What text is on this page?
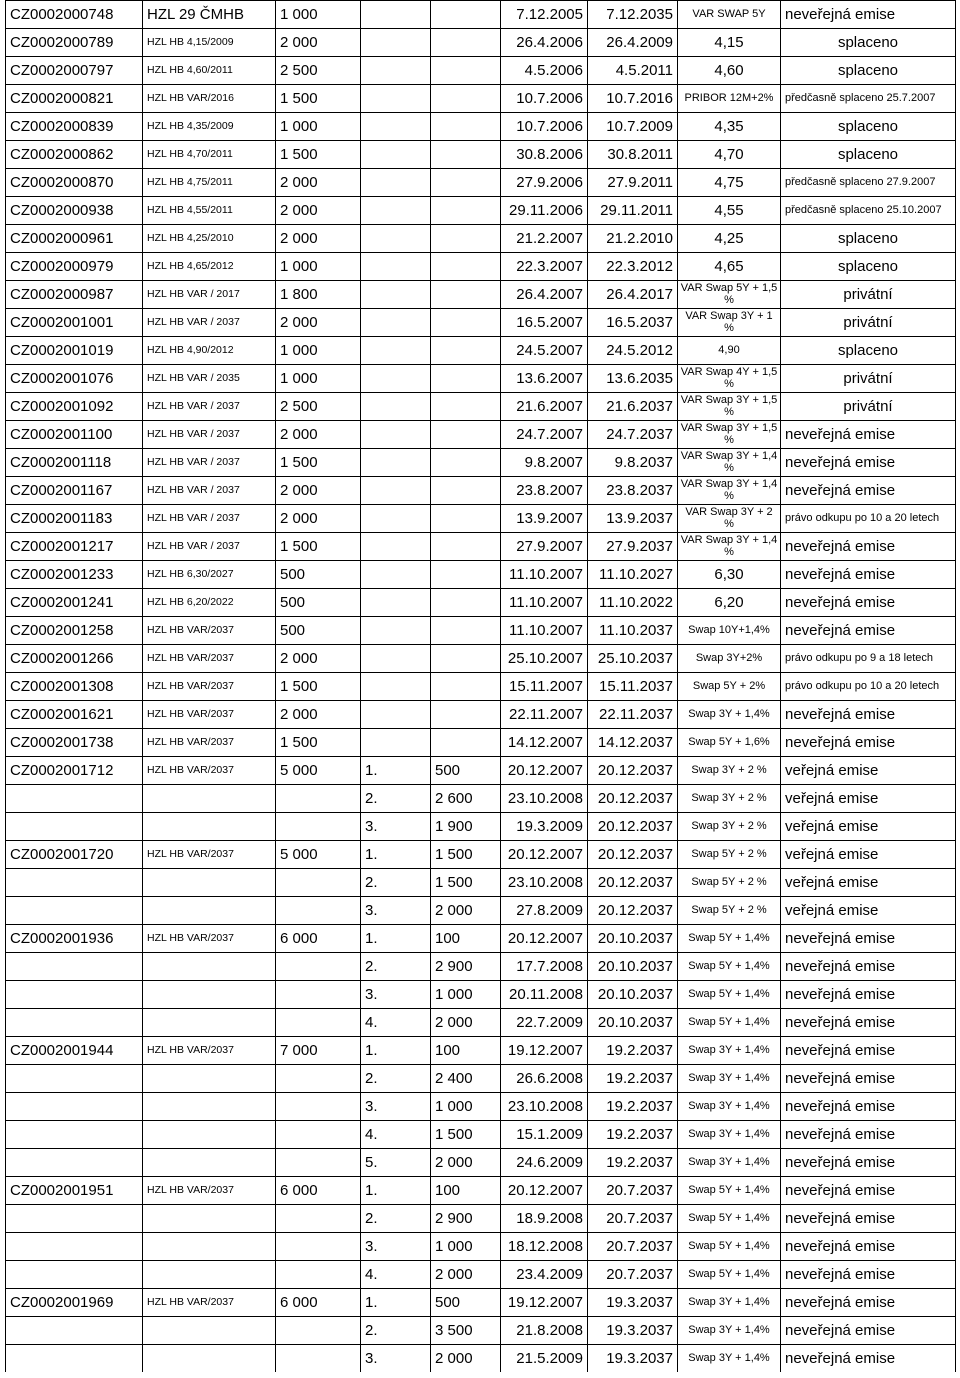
CZ0002000748	HZL 29 ČMHB	1 000			7.12.2005	7.12.2035	VAR SWAP 5Y	neveřejná emise
CZ0002000789	HZL HB 4,15/2009	2 000			26.4.2006	26.4.2009	4,15	splaceno
CZ0002000797	HZL HB 4,60/2011	2 500			4.5.2006	4.5.2011	4,60	splaceno
CZ0002000821	HZL HB VAR/2016	1 500			10.7.2006	10.7.2016	PRIBOR 12M+2%	předčasně splaceno 25.7.2007
CZ0002000839	HZL HB 4,35/2009	1 000			10.7.2006	10.7.2009	4,35	splaceno
CZ0002000862	HZL HB 4,70/2011	1 500			30.8.2006	30.8.2011	4,70	splaceno
CZ0002000870	HZL HB 4,75/2011	2 000			27.9.2006	27.9.2011	4,75	předčasně splaceno 27.9.2007
CZ0002000938	HZL HB 4,55/2011	2 000			29.11.2006	29.11.2011	4,55	předčasně splaceno 25.10.2007
CZ0002000961	HZL HB 4,25/2010	2 000			21.2.2007	21.2.2010	4,25	splaceno
CZ0002000979	HZL HB 4,65/2012	1 000			22.3.2007	22.3.2012	4,65	splaceno
CZ0002000987	HZL HB VAR / 2017	1 800			26.4.2007	26.4.2017	VAR Swap 5Y + 1,5 %	privátní
CZ0002001001	HZL HB VAR / 2037	2 000			16.5.2007	16.5.2037	VAR Swap 3Y + 1 %	privátní
CZ0002001019	HZL HB 4,90/2012	1 000			24.5.2007	24.5.2012	4,90	splaceno
CZ0002001076	HZL HB VAR / 2035	1 000			13.6.2007	13.6.2035	VAR Swap 4Y + 1,5 %	privátní
CZ0002001092	HZL HB VAR / 2037	2 500			21.6.2007	21.6.2037	VAR Swap 3Y + 1,5 %	privátní
CZ0002001100	HZL HB VAR / 2037	2 000			24.7.2007	24.7.2037	VAR Swap 3Y + 1,5 %	neveřejná emise
CZ0002001118	HZL HB VAR / 2037	1 500			9.8.2007	9.8.2037	VAR Swap 3Y + 1,4 %	neveřejná emise
CZ0002001167	HZL HB VAR / 2037	2 000			23.8.2007	23.8.2037	VAR Swap 3Y + 1,4 %	neveřejná emise
CZ0002001183	HZL HB VAR / 2037	2 000			13.9.2007	13.9.2037	VAR Swap 3Y + 2 %	právo odkupu po 10 a 20 letech
CZ0002001217	HZL HB VAR / 2037	1 500			27.9.2007	27.9.2037	VAR Swap 3Y + 1,4 %	neveřejná emise
CZ0002001233	HZL HB 6,30/2027	500			11.10.2007	11.10.2027	6,30	neveřejná emise
CZ0002001241	HZL HB 6,20/2022	500			11.10.2007	11.10.2022	6,20	neveřejná emise
CZ0002001258	HZL HB VAR/2037	500			11.10.2007	11.10.2037	Swap 10Y+1,4%	neveřejná emise
CZ0002001266	HZL HB VAR/2037	2 000			25.10.2007	25.10.2037	Swap 3Y+2%	právo odkupu po 9 a 18 letech
CZ0002001308	HZL HB VAR/2037	1 500			15.11.2007	15.11.2037	Swap 5Y + 2%	právo odkupu po 10 a 20 letech
CZ0002001621	HZL HB VAR/2037	2 000			22.11.2007	22.11.2037	Swap 3Y + 1,4%	neveřejná emise
CZ0002001738	HZL HB VAR/2037	1 500			14.12.2007	14.12.2037	Swap 5Y + 1,6%	neveřejná emise
CZ0002001712	HZL HB VAR/2037	5 000	1.	500	20.12.2007	20.12.2037	Swap 3Y + 2 %	veřejná emise
			2.	2 600	23.10.2008	20.12.2037	Swap 3Y + 2 %	veřejná emise
			3.	1 900	19.3.2009	20.12.2037	Swap 3Y + 2 %	veřejná emise
CZ0002001720	HZL HB VAR/2037	5 000	1.	1 500	20.12.2007	20.12.2037	Swap 5Y + 2 %	veřejná emise
			2.	1 500	23.10.2008	20.12.2037	Swap 5Y + 2 %	veřejná emise
			3.	2 000	27.8.2009	20.12.2037	Swap 5Y + 2 %	veřejná emise
CZ0002001936	HZL HB VAR/2037	6 000	1.	100	20.12.2007	20.10.2037	Swap 5Y + 1,4%	neveřejná emise
			2.	2 900	17.7.2008	20.10.2037	Swap 5Y + 1,4%	neveřejná emise
			3.	1 000	20.11.2008	20.10.2037	Swap 5Y + 1,4%	neveřejná emise
			4.	2 000	22.7.2009	20.10.2037	Swap 5Y + 1,4%	neveřejná emise
CZ0002001944	HZL HB VAR/2037	7 000	1.	100	19.12.2007	19.2.2037	Swap 3Y + 1,4%	neveřejná emise
			2.	2 400	26.6.2008	19.2.2037	Swap 3Y + 1,4%	neveřejná emise
			3.	1 000	23.10.2008	19.2.2037	Swap 3Y + 1,4%	neveřejná emise
			4.	1 500	15.1.2009	19.2.2037	Swap 3Y + 1,4%	neveřejná emise
			5.	2 000	24.6.2009	19.2.2037	Swap 3Y + 1,4%	neveřejná emise
CZ0002001951	HZL HB VAR/2037	6 000	1.	100	20.12.2007	20.7.2037	Swap 5Y + 1,4%	neveřejná emise
			2.	2 900	18.9.2008	20.7.2037	Swap 5Y + 1,4%	neveřejná emise
			3.	1 000	18.12.2008	20.7.2037	Swap 5Y + 1,4%	neveřejná emise
			4.	2 000	23.4.2009	20.7.2037	Swap 5Y + 1,4%	neveřejná emise
CZ0002001969	HZL HB VAR/2037	6 000	1.	500	19.12.2007	19.3.2037	Swap 3Y + 1,4%	neveřejná emise
			2.	3 500	21.8.2008	19.3.2037	Swap 3Y + 1,4%	neveřejná emise
			3.	2 000	21.5.2009	19.3.2037	Swap 3Y + 1,4%	neveřejná emise
